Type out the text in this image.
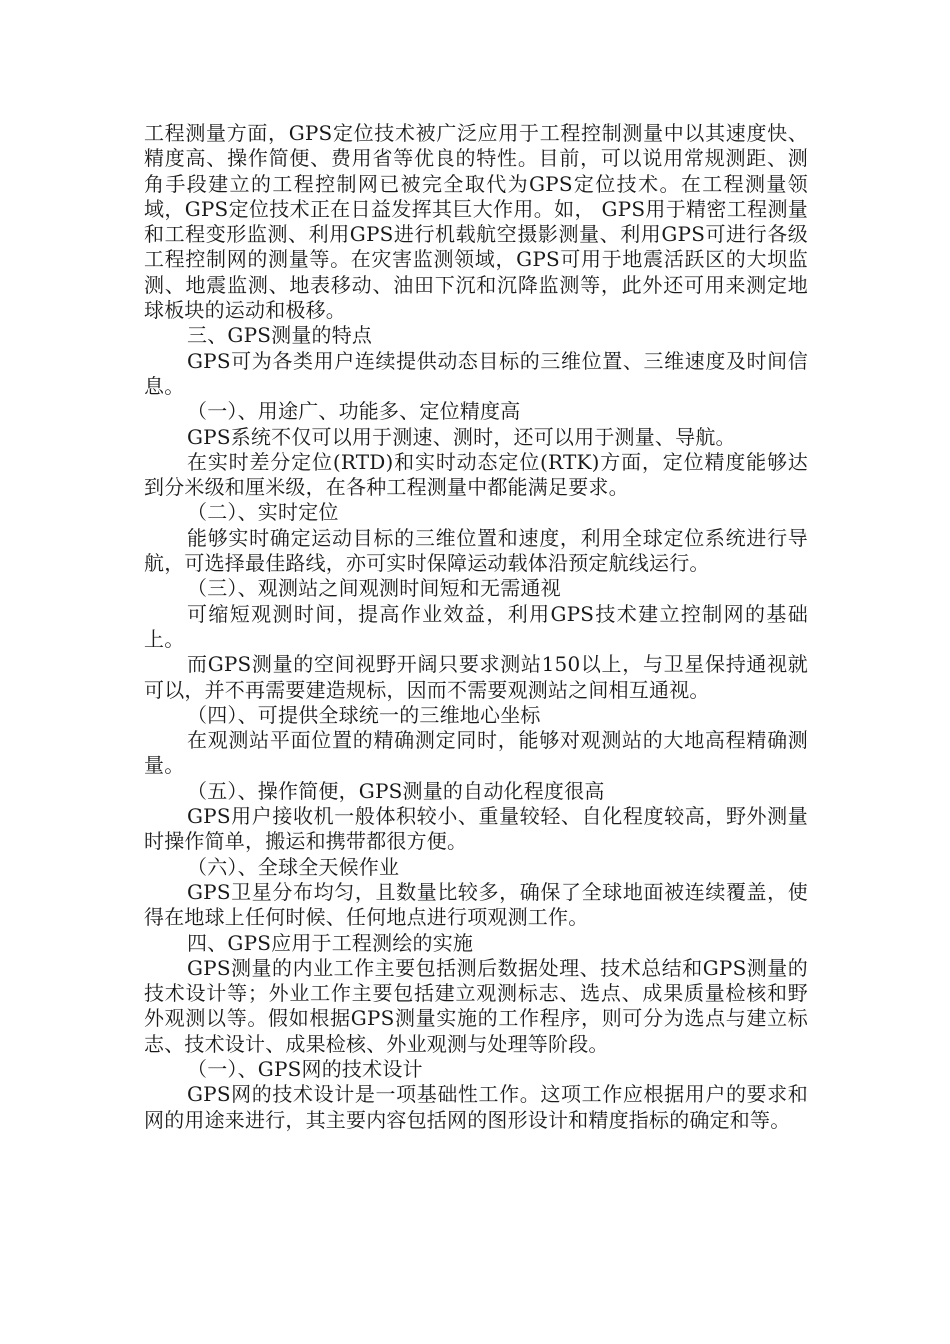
工程测量方面，GPS定位技术被广泛应用于工程控制测量中以其速度快、精度高、操作简便、费用省等优良的特性。目前，可以说用常规测距、测角手段建立的工程控制网已被完全取代为GPS定位技术。在工程测量领域，GPS定位技术正在日益发挥其巨大作用。如， GPS用于精密工程测量和工程变形监测、利用GPS进行机载航空摄影测量、利用GPS可进行各级工程控制网的测量等。在灾害监测领域，GPS可用于地震活跃区的大坝监测、地震监测、地表移动、油田下沉和沉降监测等，此外还可用来测定地球板块的运动和极移。

三、GPS测量的特点

GPS可为各类用户连续提供动态目标的三维位置、三维速度及时间信息。

（一）、用途广、功能多、定位精度高

GPS系统不仅可以用于测速、测时，还可以用于测量、导航。

在实时差分定位(RTD)和实时动态定位(RTK)方面，定位精度能够达到分米级和厘米级，在各种工程测量中都能满足要求。

（二）、实时定位

能够实时确定运动目标的三维位置和速度，利用全球定位系统进行导航，可选择最佳路线，亦可实时保障运动载体沿预定航线运行。

（三）、观测站之间观测时间短和无需通视

可缩短观测时间，提高作业效益，利用GPS技术建立控制网的基础上。

而GPS测量的空间视野开阔只要求测站150以上，与卫星保持通视就可以，并不再需要建造规标，因而不需要观测站之间相互通视。

（四）、可提供全球统一的三维地心坐标

在观测站平面位置的精确测定同时，能够对观测站的大地高程精确测量。

（五）、操作简便，GPS测量的自动化程度很高

GPS用户接收机一般体积较小、重量较轻、自化程度较高，野外测量时操作简单，搬运和携带都很方便。

（六）、全球全天候作业

GPS卫星分布均匀，且数量比较多，确保了全球地面被连续覆盖，使得在地球上任何时候、任何地点进行项观测工作。

四、GPS应用于工程测绘的实施

GPS测量的内业工作主要包括测后数据处理、技术总结和GPS测量的技术设计等；外业工作主要包括建立观测标志、选点、成果质量检核和野外观测以等。假如根据GPS测量实施的工作程序，则可分为选点与建立标志、技术设计、成果检核、外业观测与处理等阶段。

（一）、GPS网的技术设计

GPS网的技术设计是一项基础性工作。这项工作应根据用户的要求和网的用途来进行，其主要内容包括网的图形设计和精度指标的确定和等。
